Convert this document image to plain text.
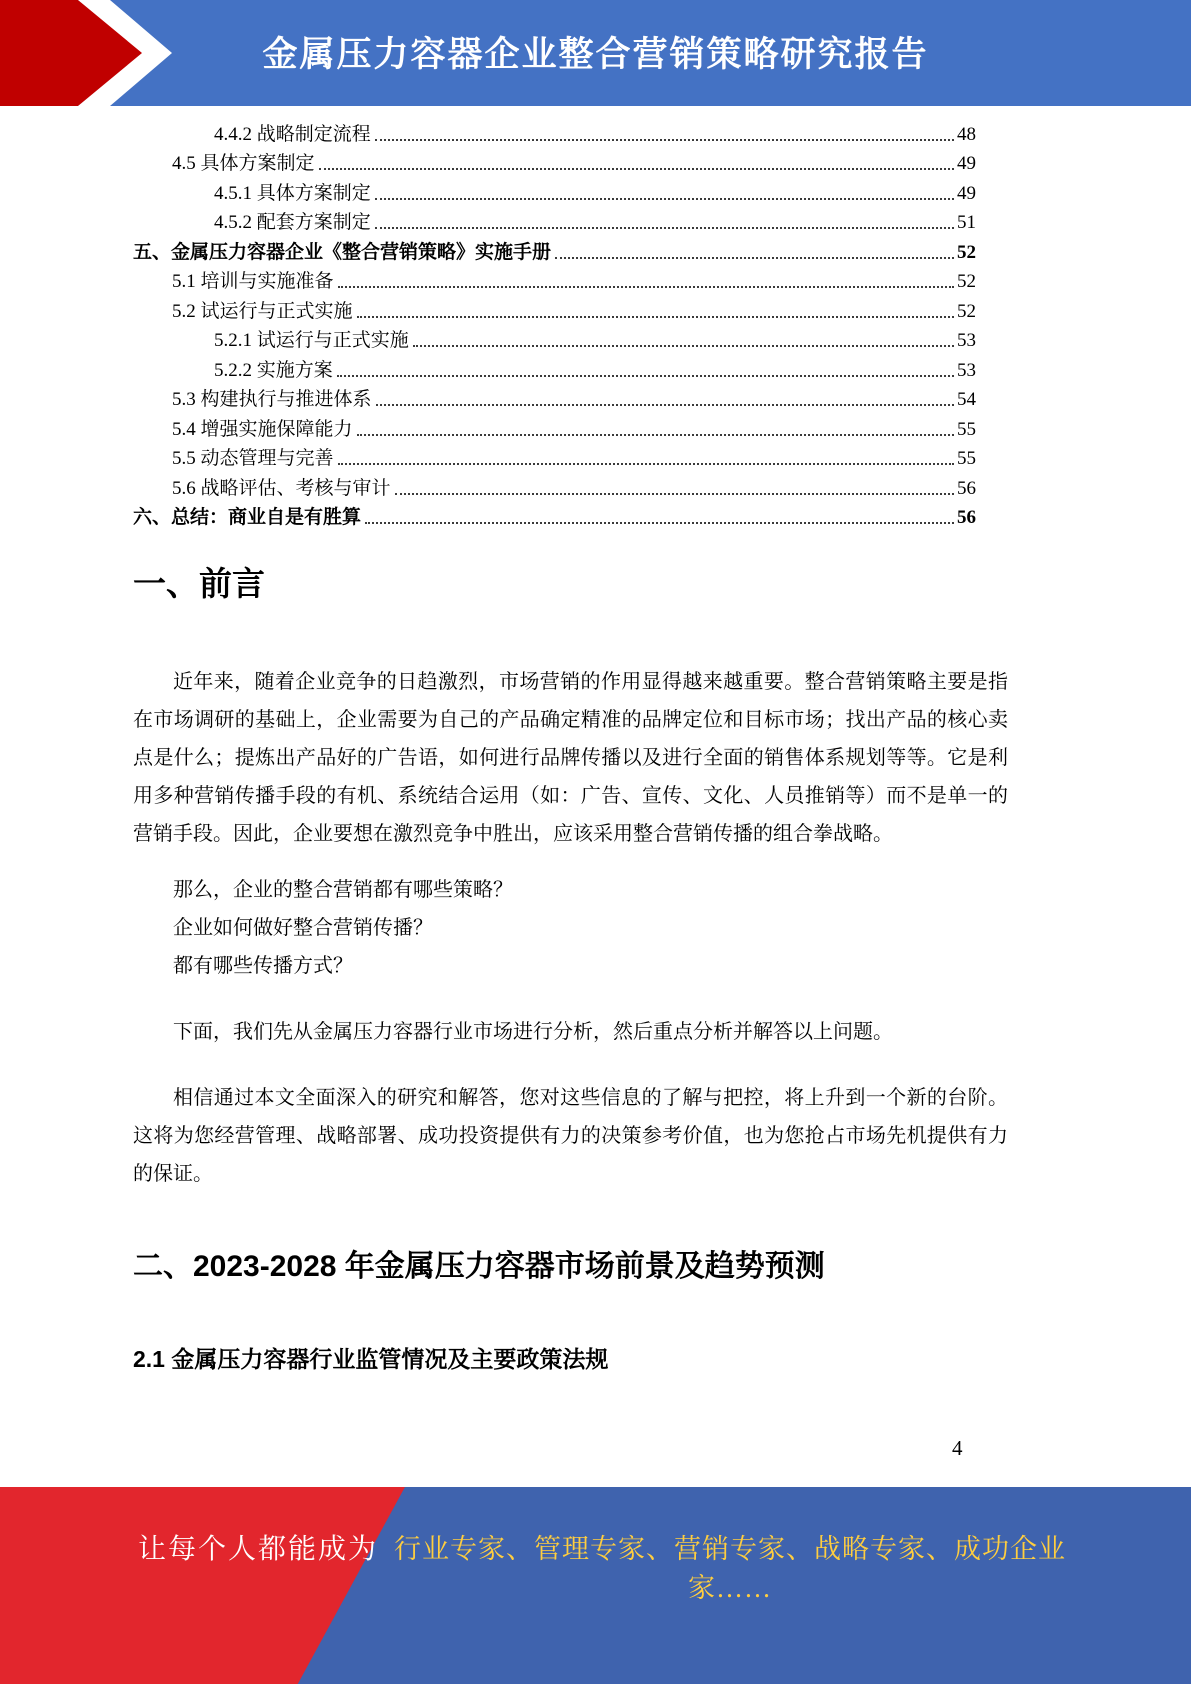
金属压力容器企业整合营销策略研究报告
4.4.2 战略制定流程	48
4.5 具体方案制定	49
4.5.1 具体方案制定	49
4.5.2 配套方案制定	51
五、金属压力容器企业《整合营销策略》实施手册	52
5.1 培训与实施准备	52
5.2 试运行与正式实施	52
5.2.1 试运行与正式实施	53
5.2.2 实施方案	53
5.3 构建执行与推进体系	54
5.4 增强实施保障能力	55
5.5 动态管理与完善	55
5.6 战略评估、考核与审计	56
六、总结：商业自是有胜算	56
一、前言

近年来，随着企业竞争的日趋激烈，市场营销的作用显得越来越重要。整合营销策略主要是指在市场调研的基础上，企业需要为自己的产品确定精准的品牌定位和目标市场；找出产品的核心卖点是什么；提炼出产品好的广告语，如何进行品牌传播以及进行全面的销售体系规划等等。它是利用多种营销传播手段的有机、系统结合运用（如：广告、宣传、文化、人员推销等）而不是单一的营销手段。因此，企业要想在激烈竞争中胜出，应该采用整合营销传播的组合拳战略。

那么，企业的整合营销都有哪些策略？

企业如何做好整合营销传播？

都有哪些传播方式？

下面，我们先从金属压力容器行业市场进行分析，然后重点分析并解答以上问题。

相信通过本文全面深入的研究和解答，您对这些信息的了解与把控，将上升到一个新的台阶。这将为您经营管理、战略部署、成功投资提供有力的决策参考价值，也为您抢占市场先机提供有力的保证。

二、2023-2028 年金属压力容器市场前景及趋势预测
2.1 金属压力容器行业监管情况及主要政策法规
4
让每个人都能成为 行业专家、管理专家、营销专家、战略专家、成功企业家……
